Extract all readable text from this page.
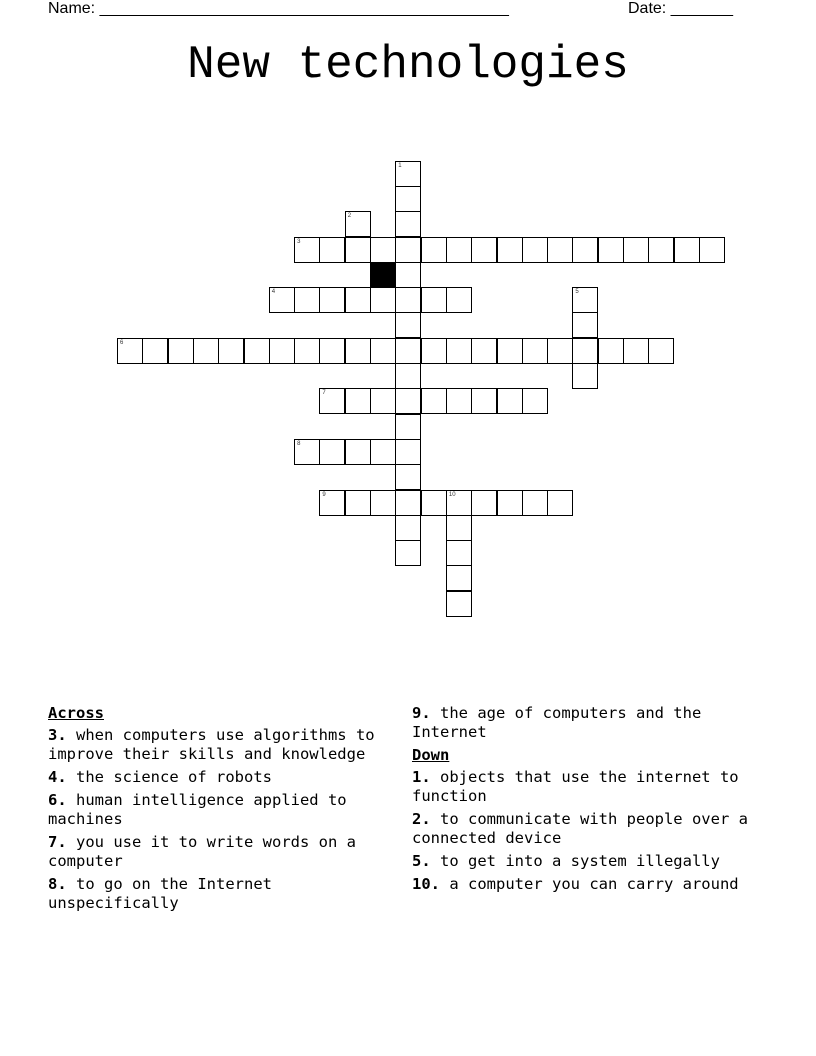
Name: ______________________________________________	Date: _______
New technologies
1
2
3
4	5
6
7
8
9	10
Across
3. when computers use algorithms to improve their skills and knowledge
4. the science of robots
6. human intelligence applied to machines
7. you use it to write words on a computer
8. to go on the Internet unspecifically
9. the age of computers and the Internet
Down
1. objects that use the internet to function
2. to communicate with people over a connected device
5. to get into a system illegally
10. a computer you can carry around
